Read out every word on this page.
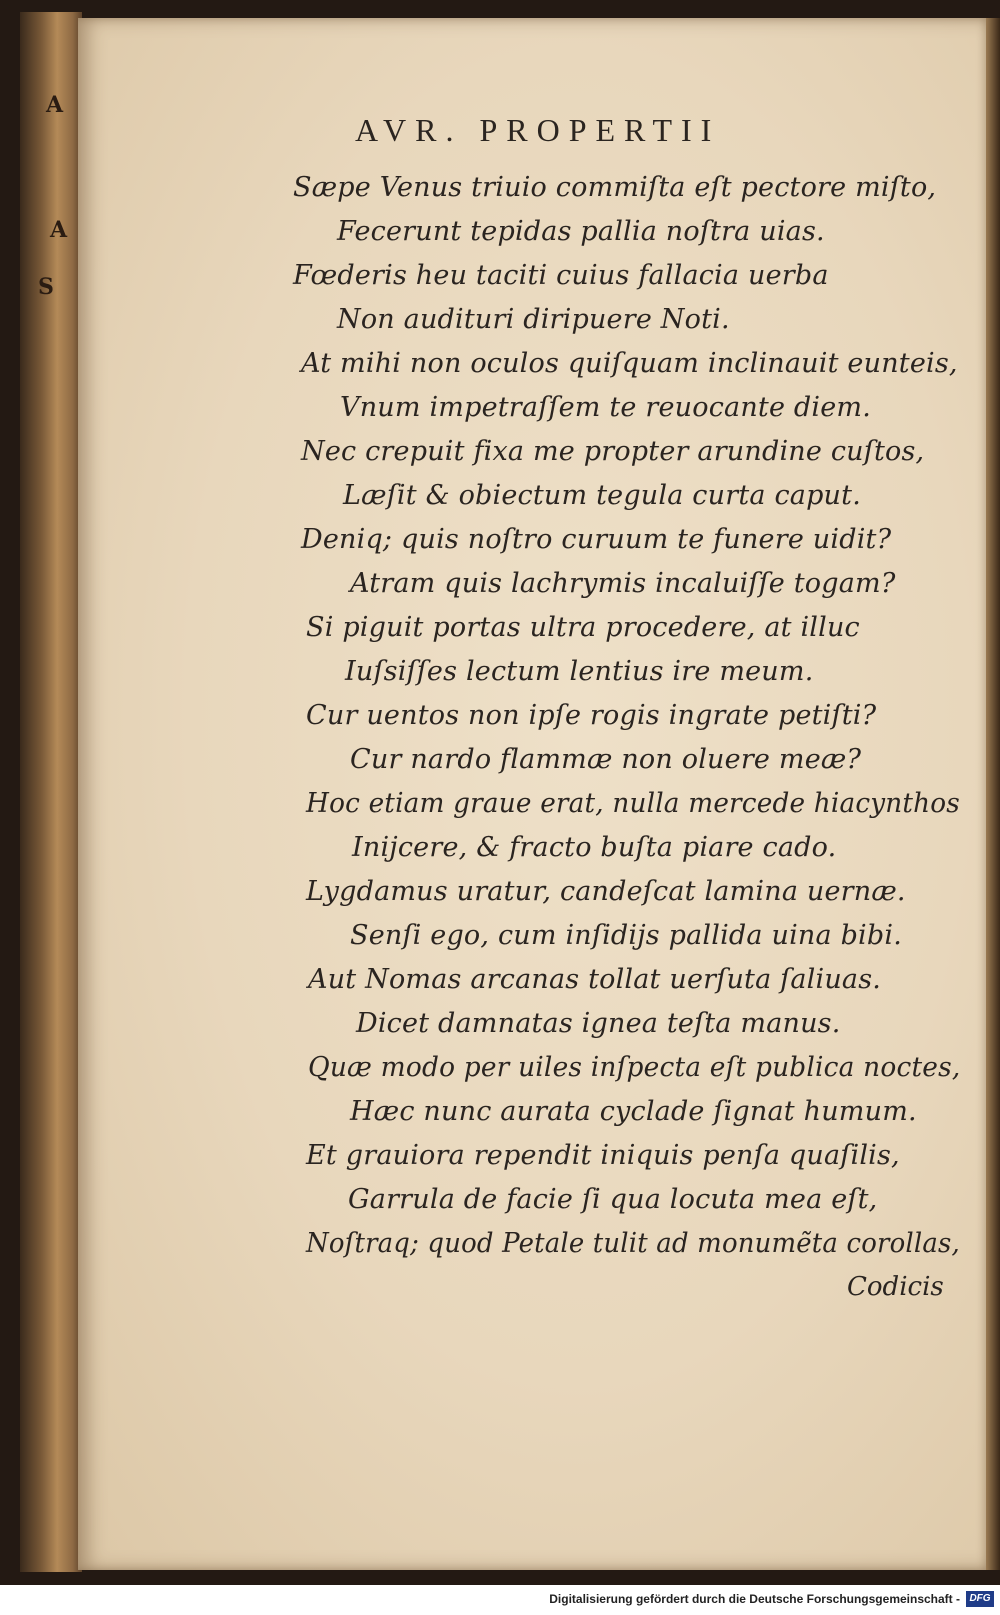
A
A
S
AVR. PROPERTII
Sæpe Venus triuio commiſta eſt pectore miſto,
Fecerunt tepidas pallia noſtra uias.
Fœderis heu taciti cuius fallacia uerba
Non audituri diripuere Noti.
At mihi non oculos quiſquam inclinauit eunteis,
Vnum impetraſſem te reuocante diem.
Nec crepuit fixa me propter arundine cuſtos,
Læſit & obiectum tegula curta caput.
Deniq; quis noſtro curuum te funere uidit?
Atram quis lachrymis incaluiſſe togam?
Si piguit portas ultra procedere, at illuc
Iuſsiſſes lectum lentius ire meum.
Cur uentos non ipſe rogis ingrate petiſti?
Cur nardo flammæ non oluere meæ?
Hoc etiam graue erat, nulla mercede hiacynthos
Inijcere, & fracto buſta piare cado.
Lygdamus uratur, candeſcat lamina uernæ.
Senſi ego, cum inſidijs pallida uina bibi.
Aut Nomas arcanas tollat uerſuta ſaliuas.
Dicet damnatas ignea teſta manus.
Quæ modo per uiles inſpecta eſt publica noctes,
Hæc nunc aurata cyclade ſignat humum.
Et grauiora rependit iniquis penſa quaſilis,
Garrula de facie ſi qua locuta mea eſt,
Noſtraq; quod Petale tulit ad monumẽta corollas,
Codicis
Digitalisierung gefördert durch die Deutsche Forschungsgemeinschaft - DFG
